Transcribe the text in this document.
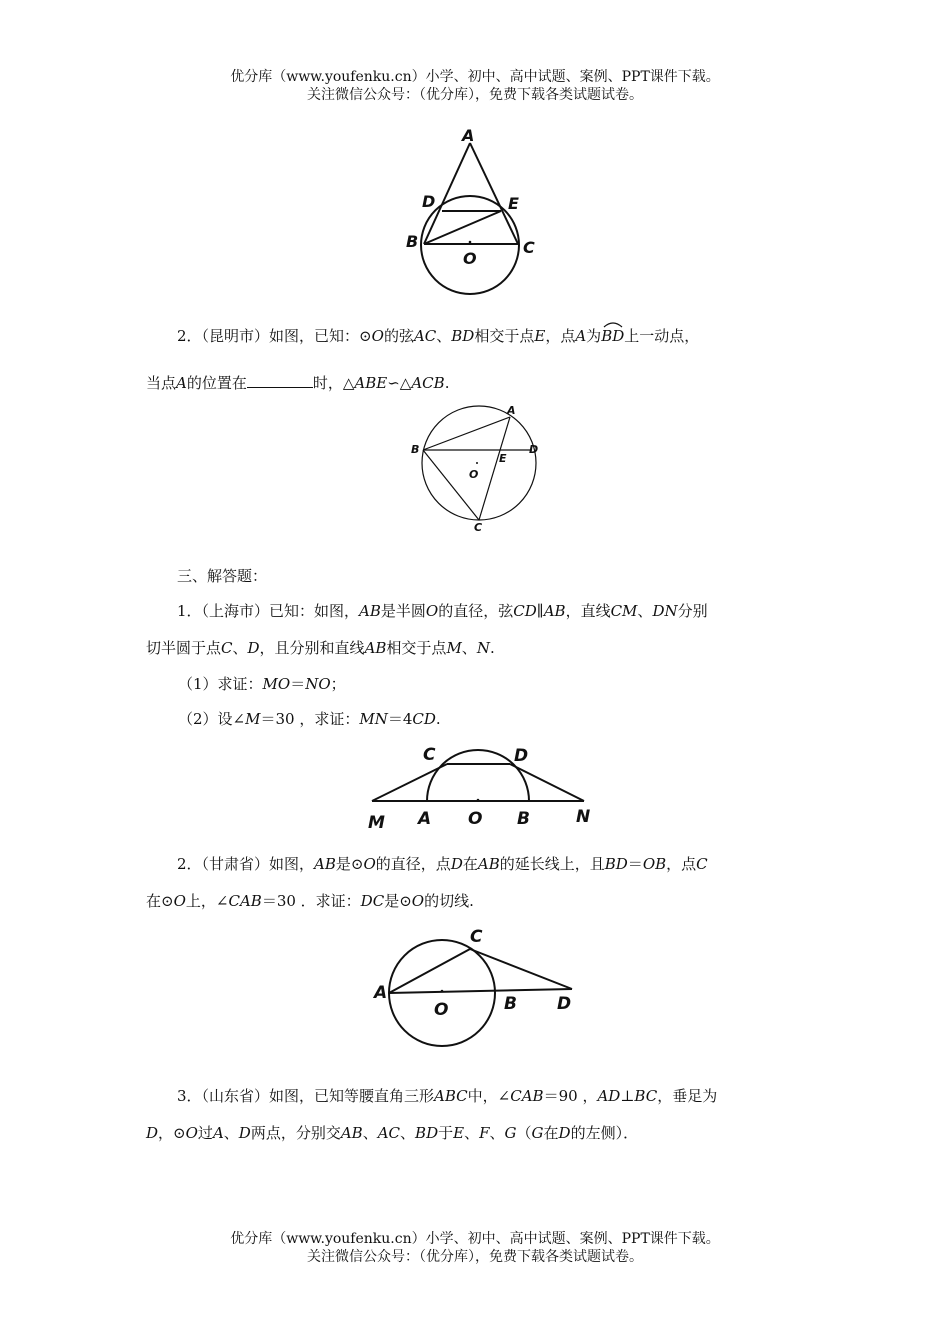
优分库（www.youfenku.cn）小学、初中、高中试题、案例、PPT课件下载。
关注微信公众号：（优分库），免费下载各类试题试卷。
A
D	E
B
O
C
2．（昆明市）如图，已知：⊙O的弦AC、BD相交于点E，点A为
BD上一动点，
当点A的位置在	时，△ABE∽△ACB.
A
B	D
E
O
C
三、解答题：
1．（上海市）已知：如图，AB是半圆O的直径，弦CD∥AB，直线CM、DN分别
切半圆于点C、D，且分别和直线AB相交于点M、N.
（1）求证：MO＝NO；
（2）设∠M＝30 ，求证：MN＝4CD.
C	D
M A O B	N
2．（甘肃省）如图，AB是⊙O的直径，点D在AB的延长线上，且BD＝OB，点C
在⊙O上，∠CAB＝30 ．求证：DC是⊙O的切线.
C
A
O	B D
3．（山东省）如图，已知等腰直角三形ABC中，∠CAB＝90 ，AD⊥BC，垂足为
D，⊙O过A、D两点，分别交AB、AC、BD于E、F、G（G在D的左侧）．
优分库（www.youfenku.cn）小学、初中、高中试题、案例、PPT课件下载。
关注微信公众号：（优分库），免费下载各类试题试卷。
